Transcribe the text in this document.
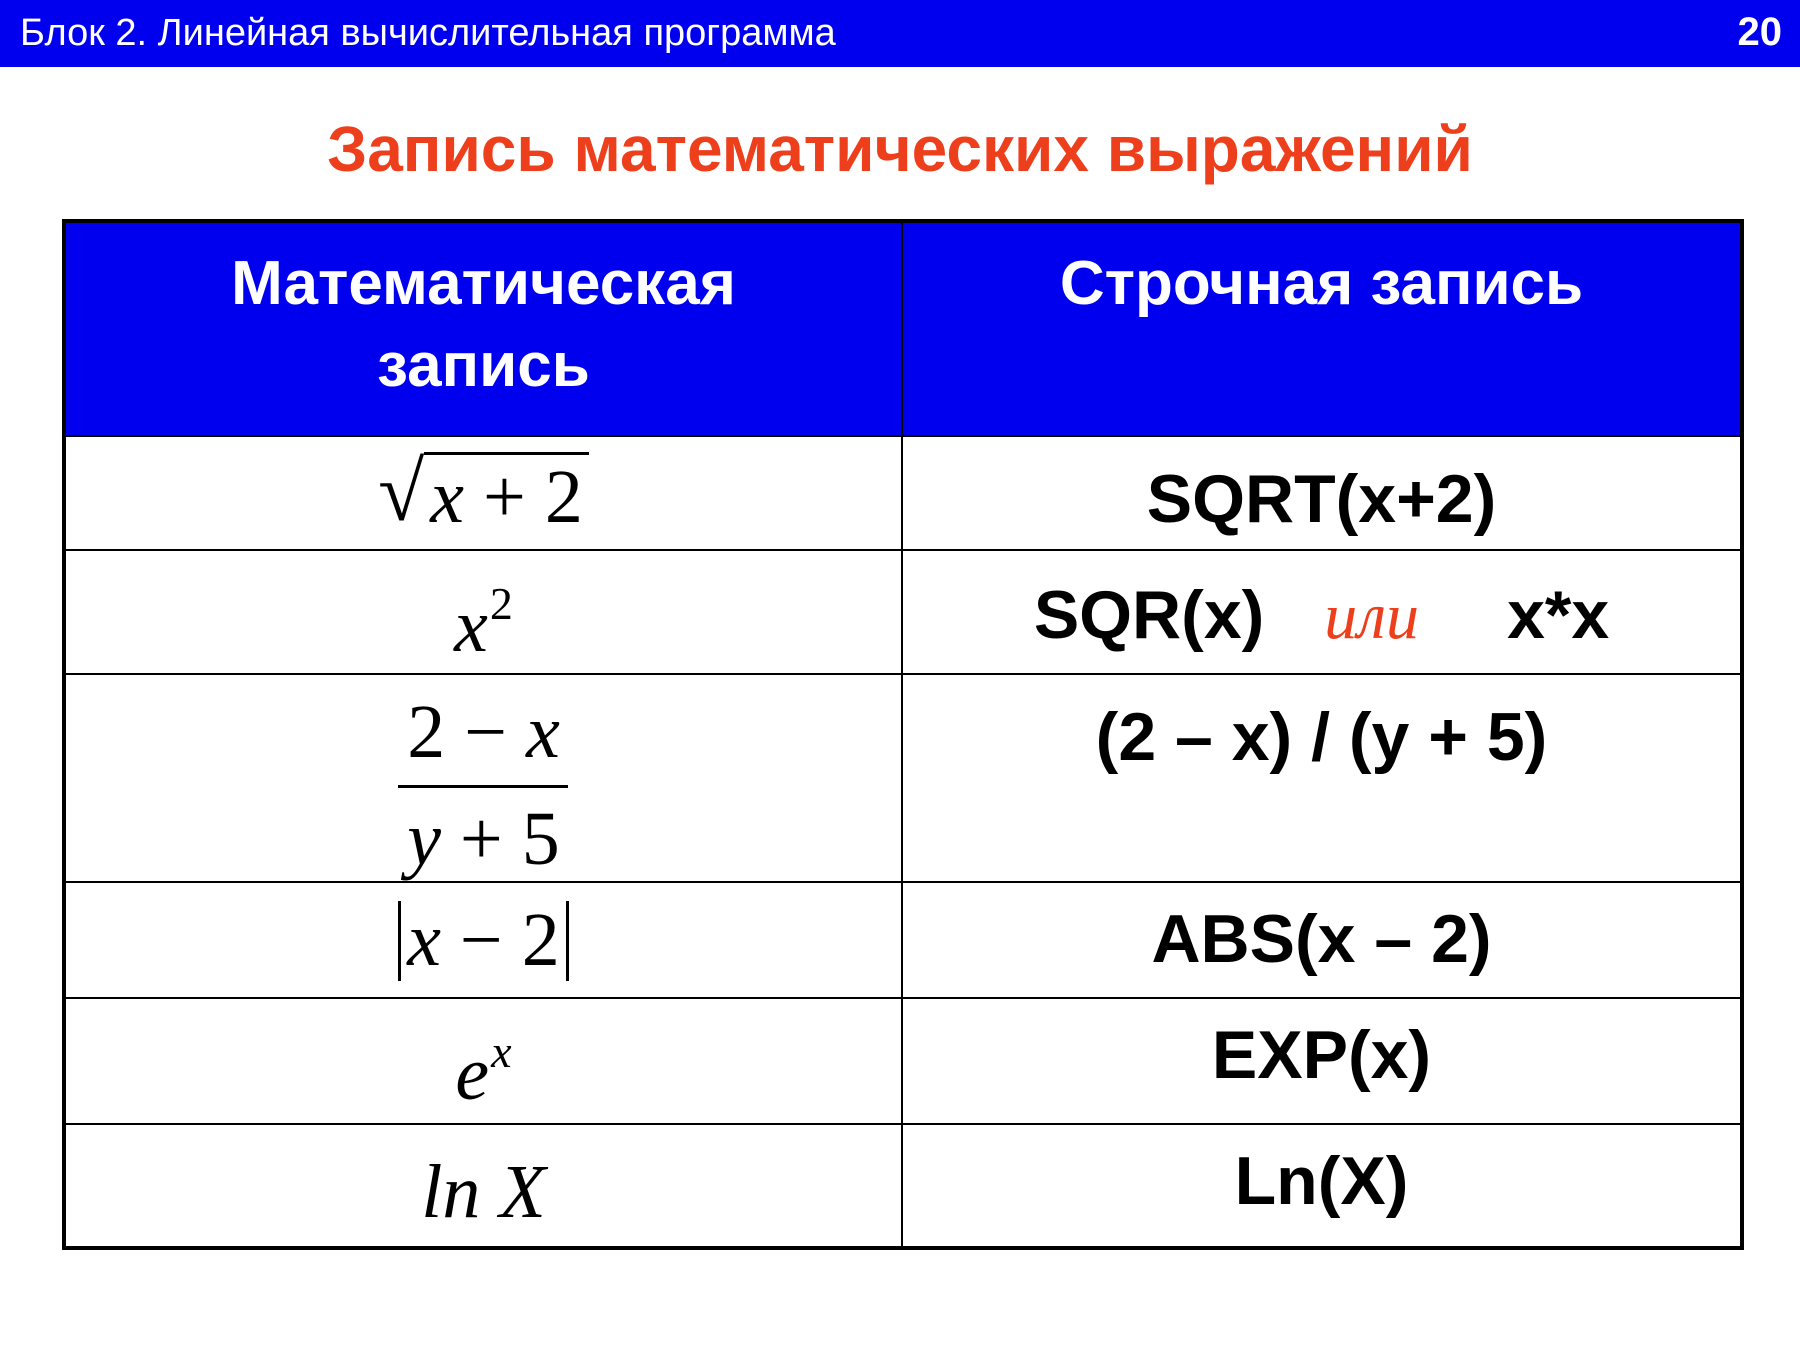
Блок 2. Линейная вычислительная программа	20
Запись математических выражений
Математическая запись	Строчная запись

√ x + 2	SQRT(x+2)

$x^2$	SQR(x) или x*x

$\frac{2 - x}{y + 5}$	(2 – x) / (y + 5)

x − 2	ABS(x – 2)

$e^x$	EXP(x)

ln X	Ln(X)
